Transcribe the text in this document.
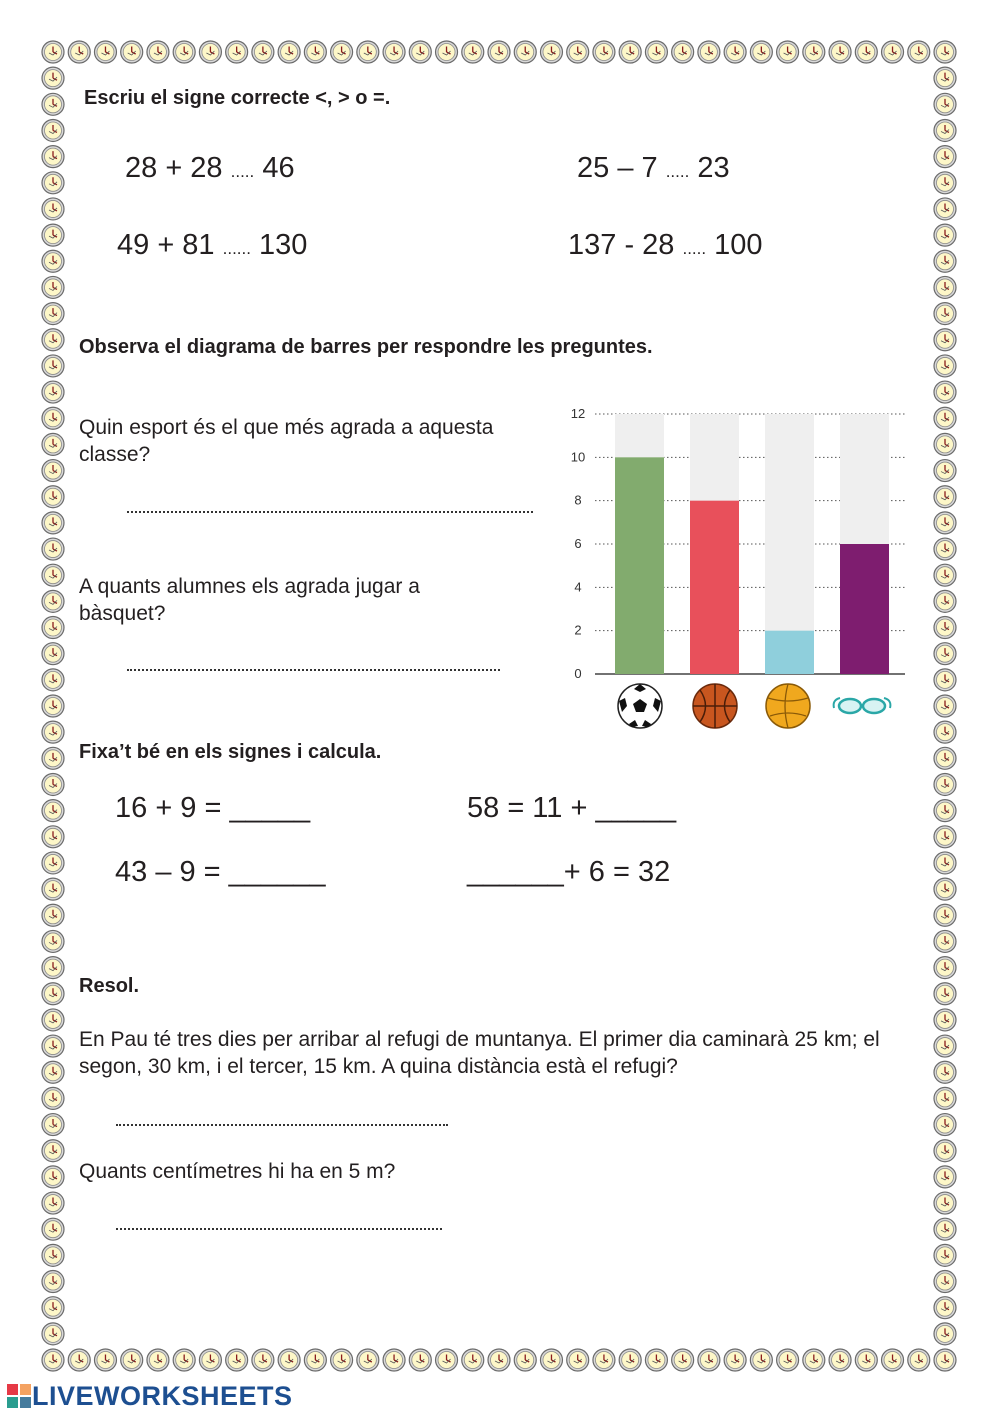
Escriu el signe correcte <, > o =.
28 + 28 ..... 46	25 – 7 ..... 23
49 + 81 ...... 130	137 - 28 ..... 100
Observa el diagrama de barres per respondre les preguntes.
Quin esport és el que més agrada a aquesta classe?
A quants alumnes els agrada jugar a bàsquet?
0
2
4
6
8
10
12
Fixa’t bé en els signes i calcula.
16 + 9 = _____	58 = 11 + _____
43 – 9 = ______	______+ 6 = 32
Resol.
En Pau té tres dies per arribar al refugi de muntanya. El primer dia caminarà 25 km; el segon, 30 km, i el tercer, 15 km. A quina distància està el refugi?
Quants centímetres hi ha en 5 m?
LIVEWORKSHEETS
